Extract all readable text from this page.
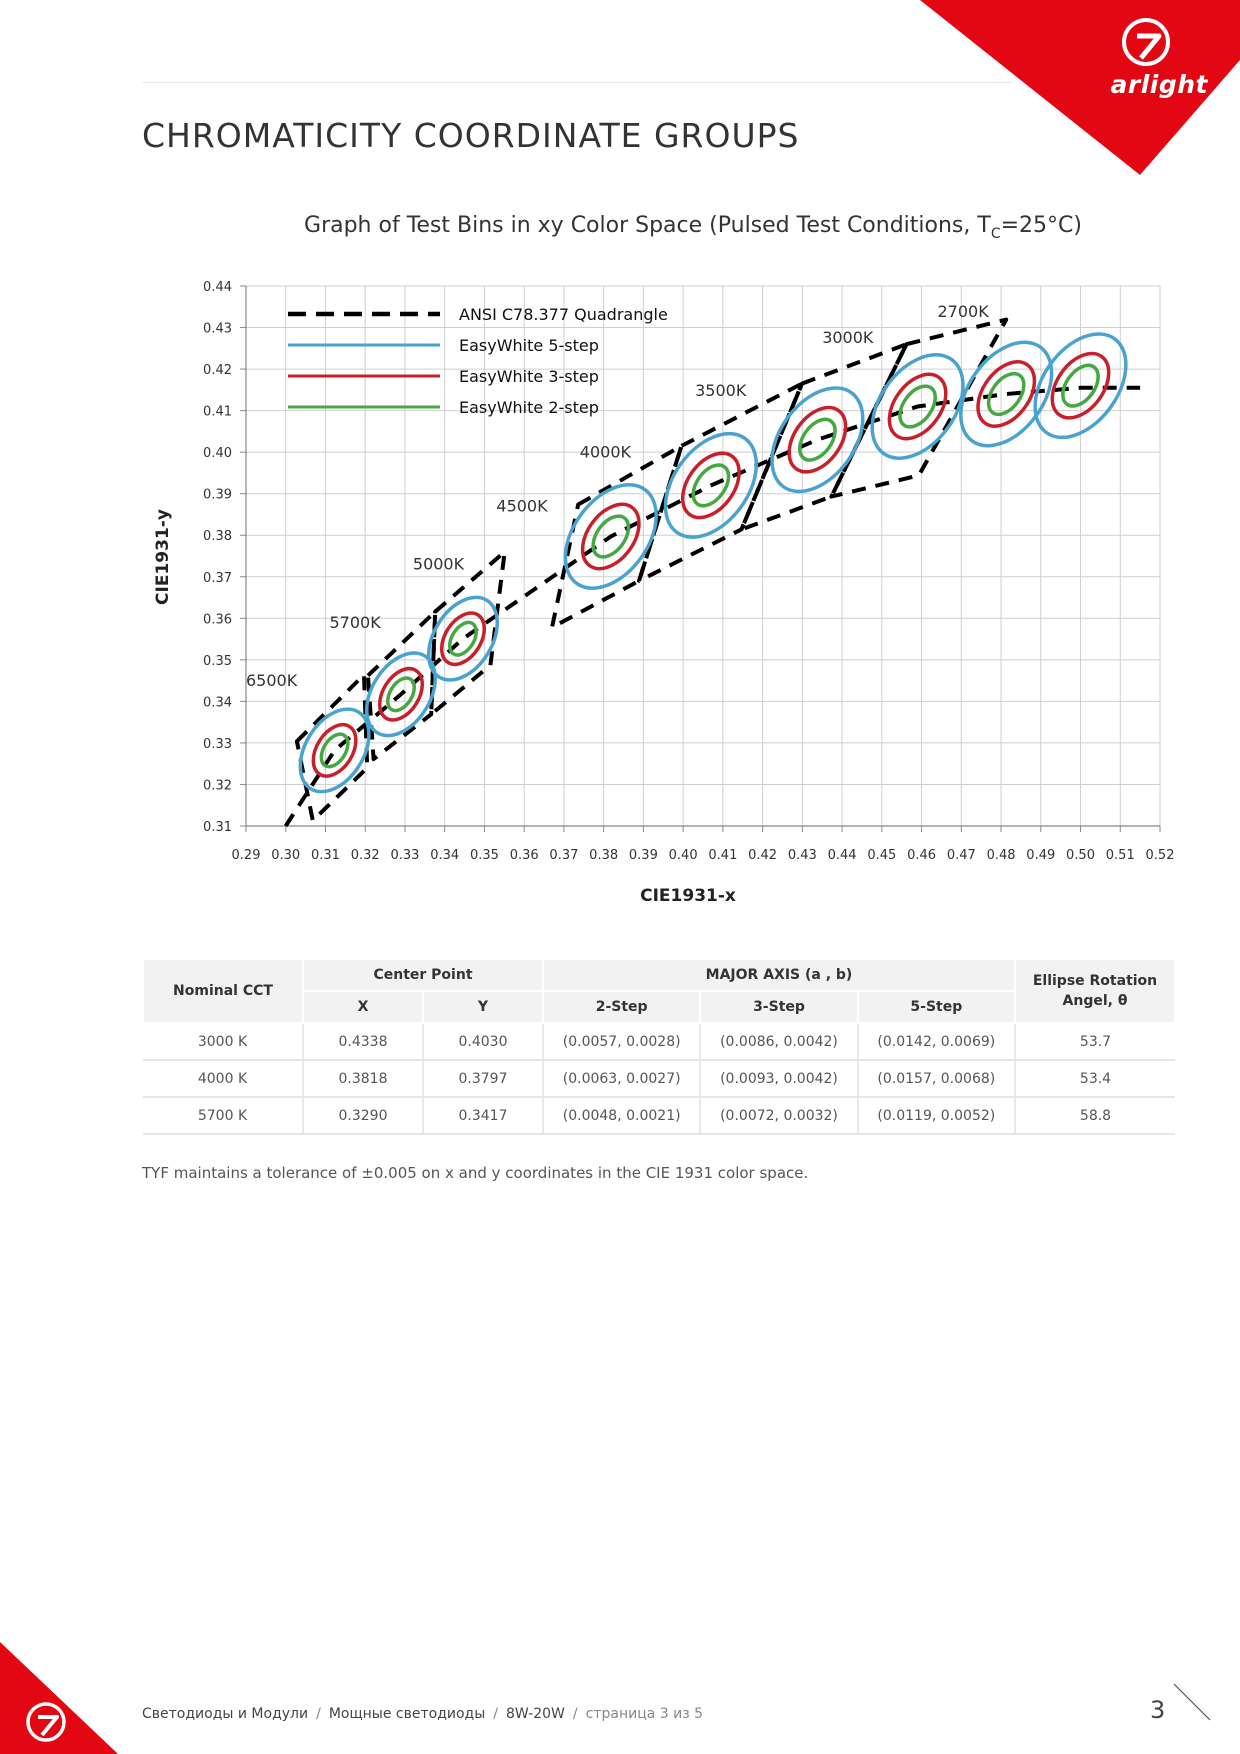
arlight
CHROMATICITY COORDINATE GROUPS
Graph of Test Bins in xy Color Space (Pulsed Test Conditions, $T_C=25^\circ C$)
0.29 0.30 0.31 0.32 0.33 0.34 0.35 0.36 0.37 0.38 0.39 0.40 0.41 0.42 0.43 0.44 0.45 0.46 0.47 0.48 0.49 0.50 0.51 0.52
0.31
0.32
0.33
0.34
0.35
0.36
0.37
0.38
0.39
0.40
0.41
0.42
0.43
0.44
2700K
3000K
3500K
4000K
4500K
5000K
5700K
6500K
ANSI C78.377 Quadrangle
EasyWhite 5-step
EasyWhite 3-step
EasyWhite 2-step
CIE1931-x
CIE1931-y
Nominal CCT	Center Point		MAJOR AXIS (a , b)			Ellipse Rotation Angel, θ
	X	Y	2-Step	3-Step	5-Step	
3000 K	0.4338	0.4030	(0.0057, 0.0028)	(0.0086, 0.0042)	(0.0142, 0.0069)	53.7
4000 K	0.3818	0.3797	(0.0063, 0.0027)	(0.0093, 0.0042)	(0.0157, 0.0068)	53.4
5700 K	0.3290	0.3417	(0.0048, 0.0021)	(0.0072, 0.0032)	(0.0119, 0.0052)	58.8
TYF maintains a tolerance of ±0.005 on x and y coordinates in the CIE 1931 color space.
Светодиоды и Модули / Мощные светодиоды / 8W-20W / страница 3 из 5	3
